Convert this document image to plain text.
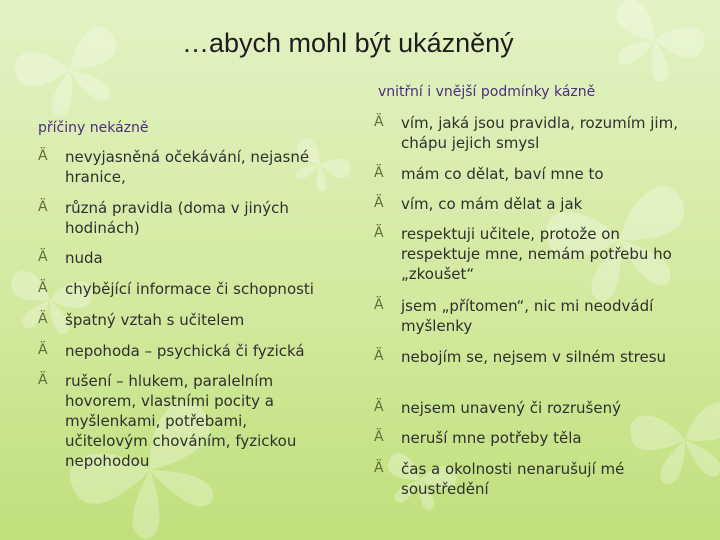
…abych mohl být ukázněný
vnitřní i vnější podmínky kázně
příčiny nekázně
Ä	nevyjasněná očekávání, nejasné hranice,
Ä	různá pravidla (doma v jiných hodinách)
Ä	nuda
Ä	chybějící informace či schopnosti
Ä	špatný vztah s učitelem
Ä	nepohoda – psychická či fyzická
Ä	rušení – hlukem, paralelním hovorem, vlastními pocity a myšlenkami, potřebami, učitelovým chováním, fyzickou nepohodou
Ä	vím, jaká jsou pravidla, rozumím jim, chápu jejich smysl
Ä	mám co dělat, baví mne to
Ä	vím, co mám dělat a jak
Ä	respektuji učitele, protože on respektuje mne, nemám potřebu ho „zkoušet“
Ä	jsem „přítomen“, nic mi neodvádí myšlenky
Ä	nebojím se, nejsem v silném stresu
Ä	nejsem unavený či rozrušený
Ä	neruší mne potřeby těla
Ä	čas a okolnosti nenarušují mé soustředění
